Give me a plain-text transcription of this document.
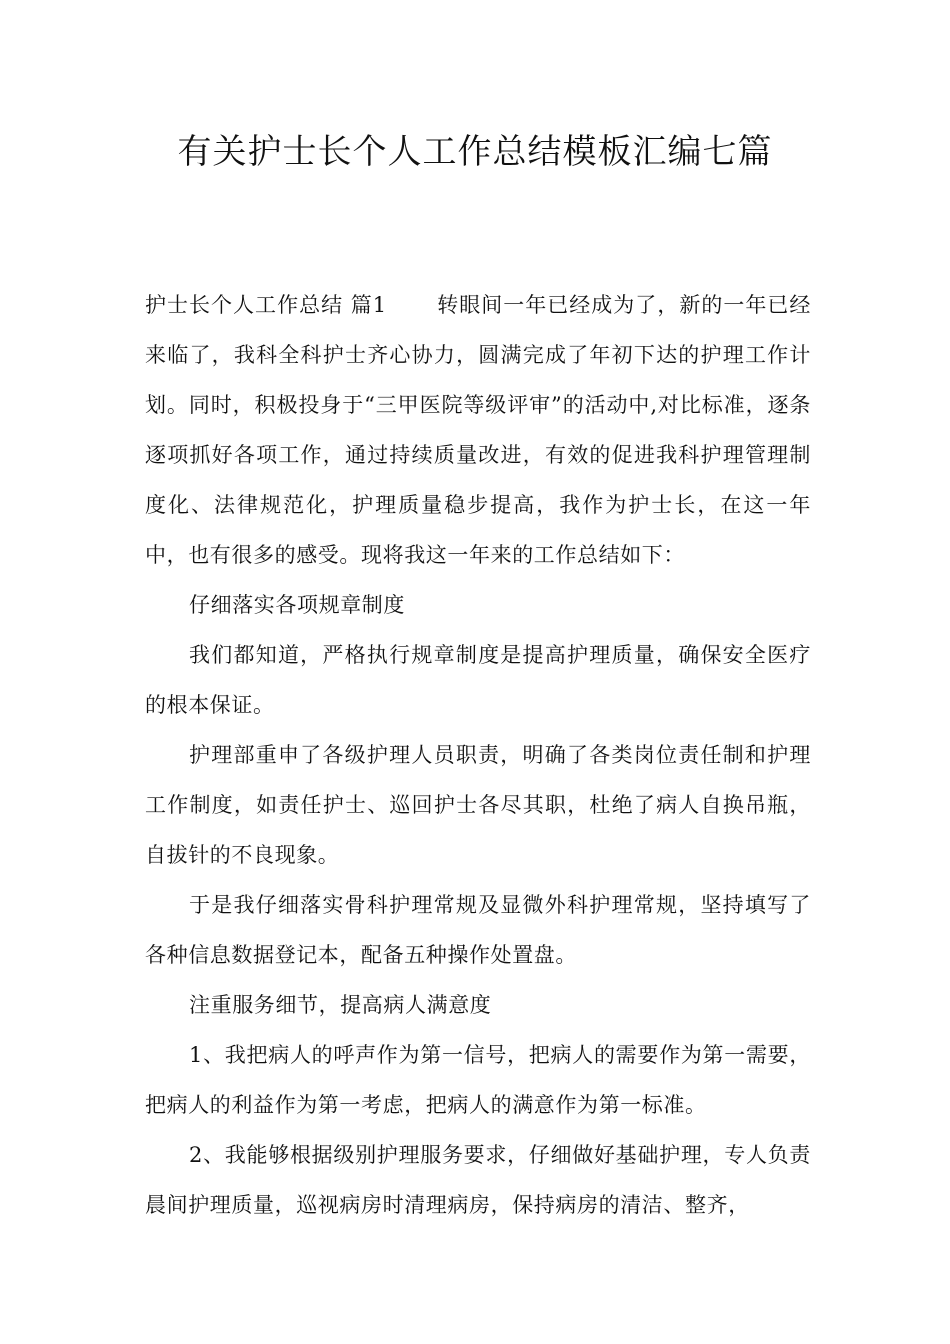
有关护士长个人工作总结模板汇编七篇

护士长个人工作总结 篇1 转眼间一年已经成为了，新的一年已经来临了，我科全科护士齐心协力，圆满完成了年初下达的护理工作计划。同时，积极投身于“三甲医院等级评审”的活动中,对比标准，逐条逐项抓好各项工作，通过持续质量改进，有效的促进我科护理管理制度化、法律规范化，护理质量稳步提高，我作为护士长，在这一年中，也有很多的感受。现将我这一年来的工作总结如下：

仔细落实各项规章制度

我们都知道，严格执行规章制度是提高护理质量，确保安全医疗的根本保证。

护理部重申了各级护理人员职责，明确了各类岗位责任制和护理工作制度，如责任护士、巡回护士各尽其职，杜绝了病人自换吊瓶，自拔针的不良现象。

于是我仔细落实骨科护理常规及显微外科护理常规，坚持填写了各种信息数据登记本，配备五种操作处置盘。

注重服务细节，提高病人满意度

1、我把病人的呼声作为第一信号，把病人的需要作为第一需要，把病人的利益作为第一考虑，把病人的满意作为第一标准。

2、我能够根据级别护理服务要求，仔细做好基础护理，专人负责晨间护理质量，巡视病房时清理病房，保持病房的清洁、整齐，
